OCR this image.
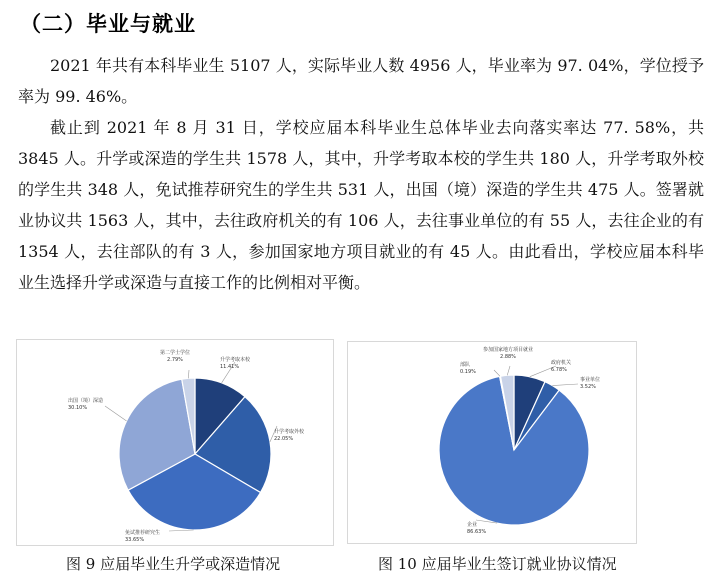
（二）毕业与就业

2021 年共有本科毕业生 5107 人，实际毕业人数 4956 人，毕业率为 97. 04%，学位授予率为 99. 46%。

截止到 2021 年 8 月 31 日，学校应届本科毕业生总体毕业去向落实率达 77. 58%，共 3845 人。升学或深造的学生共 1578 人，其中，升学考取本校的学生共 180 人，升学考取外校的学生共 348 人，免试推荐研究生的学生共 531 人，出国（境）深造的学生共 475 人。签署就业协议共 1563 人，其中，去往政府机关的有 106 人，去往事业单位的有 55 人，去往企业的有 1354 人，去往部队的有 3 人，参加国家地方项目就业的有 45 人。由此看出，学校应届本科毕业生选择升学或深造与直接工作的比例相对平衡。

升学考取本校
11.41%
升学考取外校
22.05%
免试推荐研究生
33.65%
出国（境）深造
30.10%
第二学士学位
2.79%	政府机关
6.78%
事业单位
3.52%
企业
86.63%
部队
0.19%
参加国家地方项目就业
2.88%
图 9 应届毕业生升学或深造情况	图 10 应届毕业生签订就业协议情况
